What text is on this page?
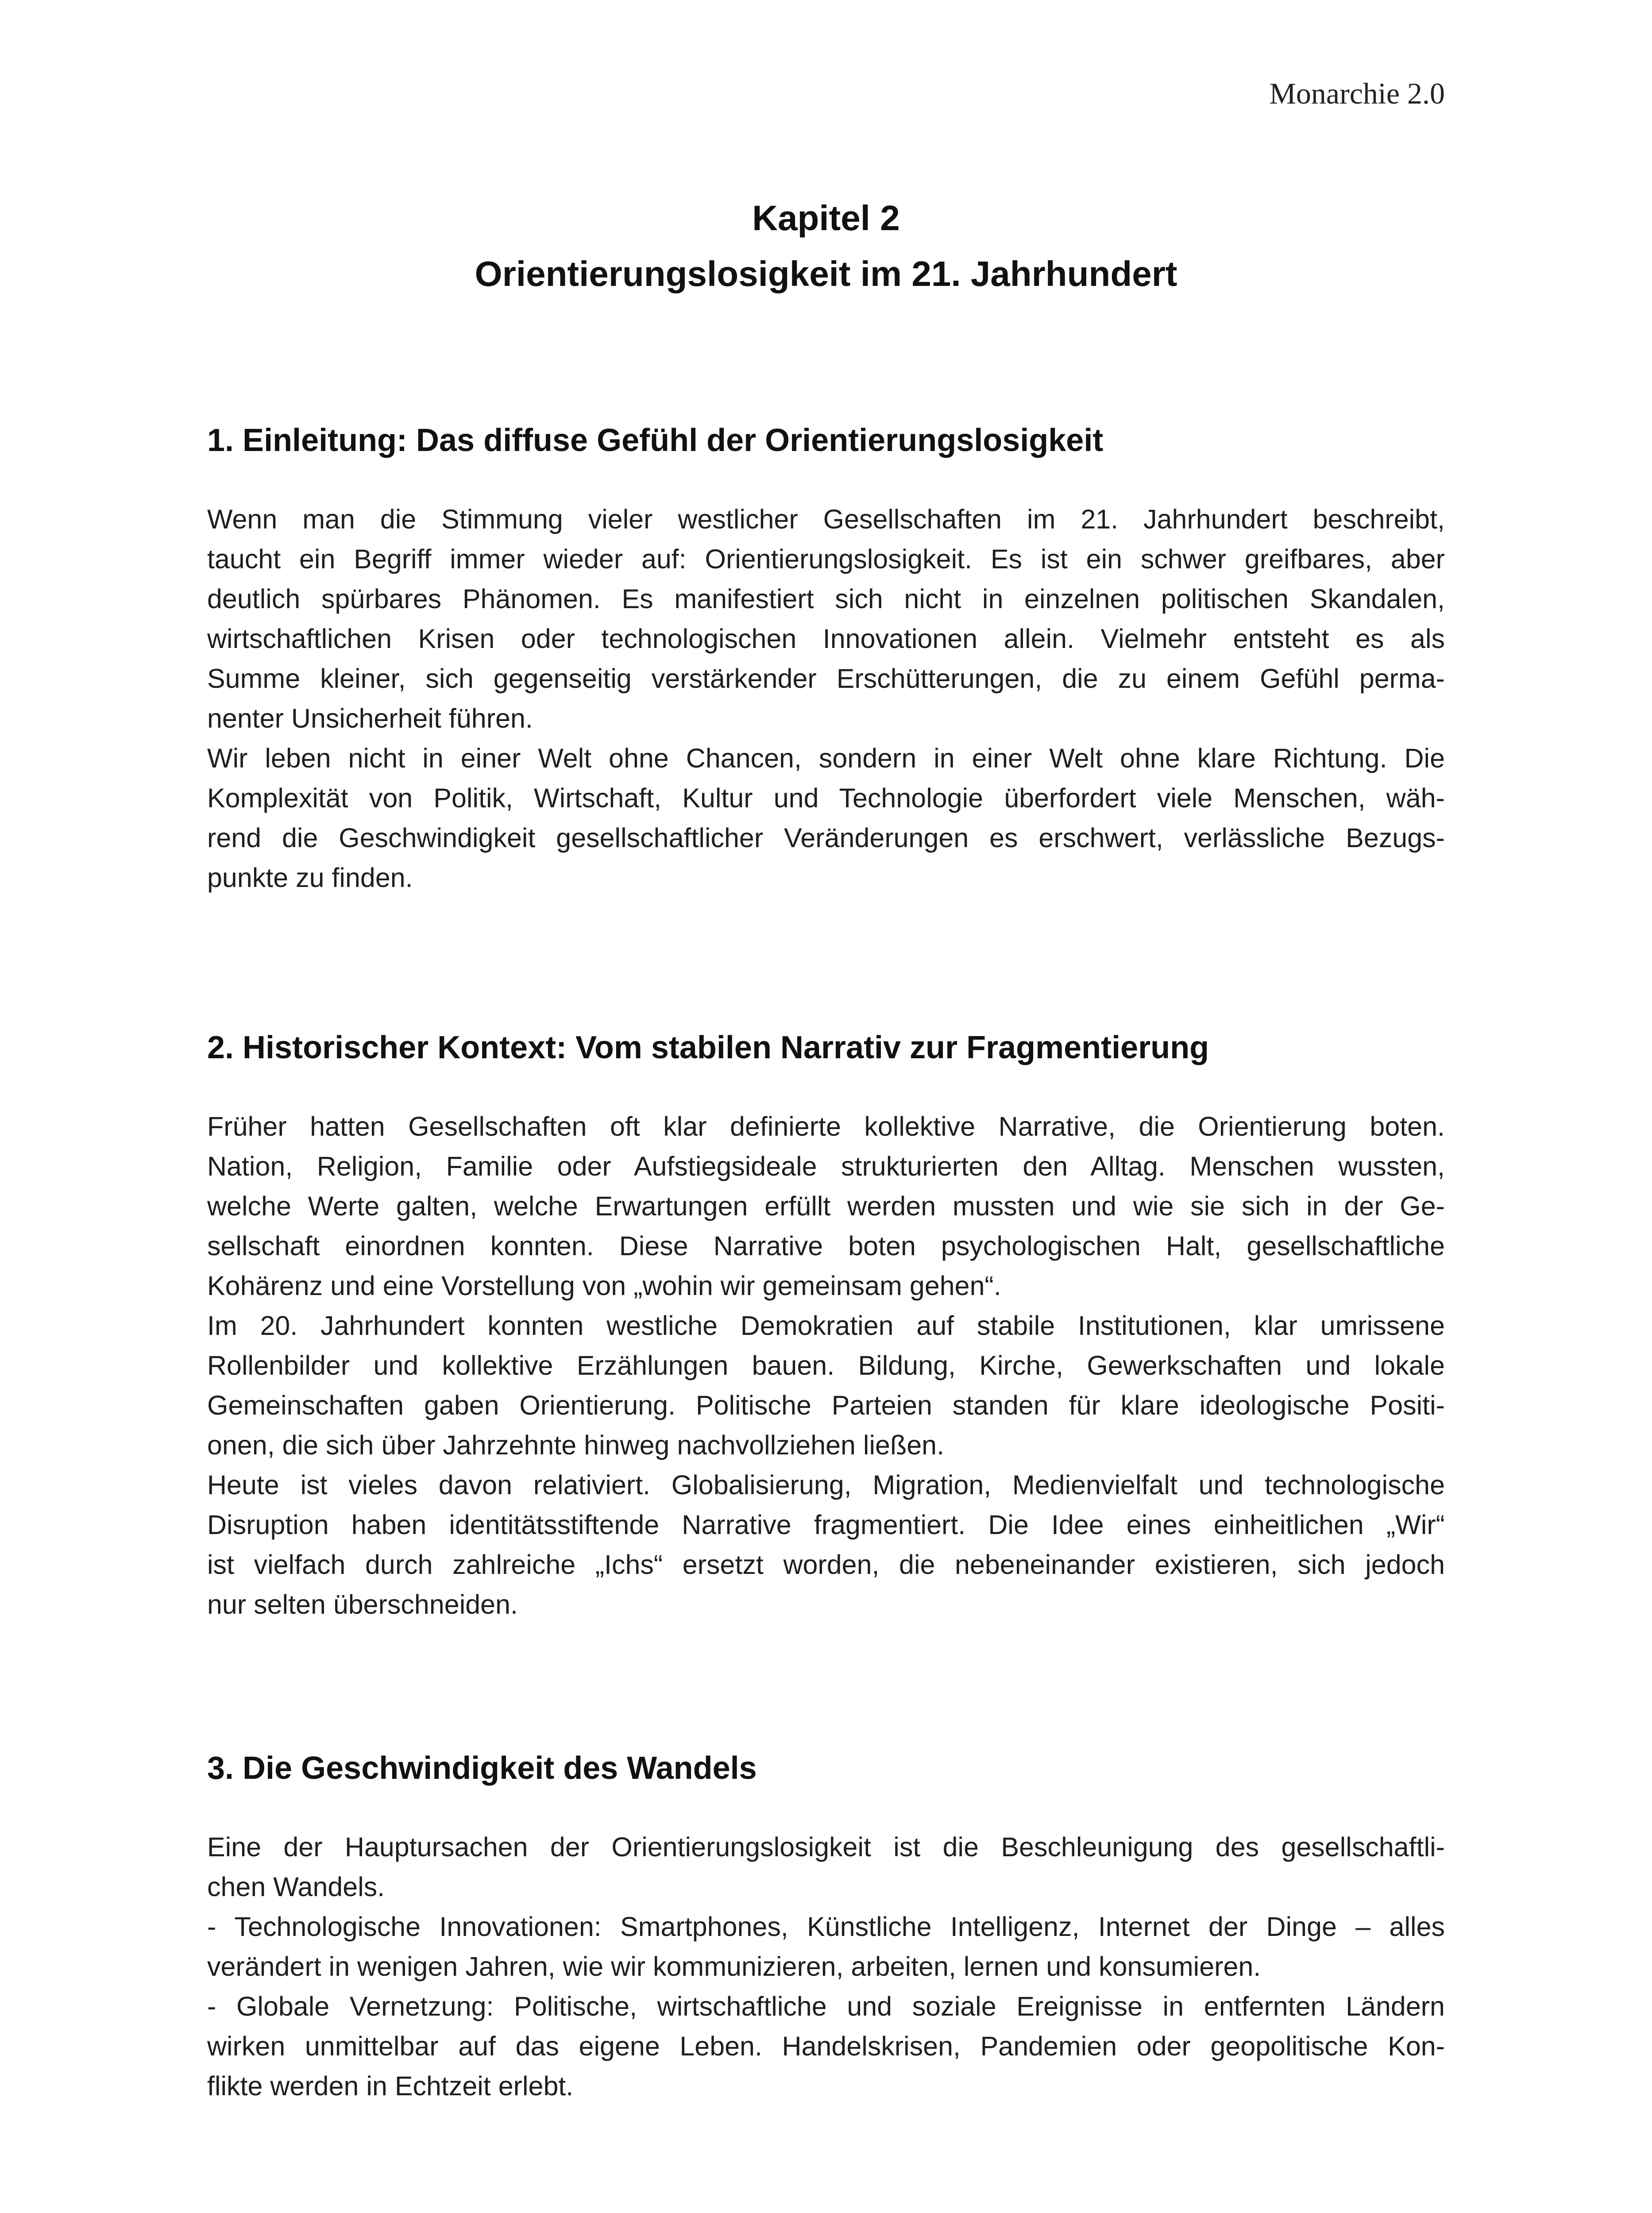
Monarchie 2.0
Kapitel 2
Orientierungslosigkeit im 21. Jahrhundert
1. Einleitung: Das diffuse Gefühl der Orientierungslosigkeit

Wenn man die Stimmung vieler westlicher Gesellschaften im 21. Jahrhundert beschreibt,
taucht ein Begriff immer wieder auf: Orientierungslosigkeit. Es ist ein schwer greifbares, aber
deutlich spürbares Phänomen. Es manifestiert sich nicht in einzelnen politischen Skandalen,
wirtschaftlichen Krisen oder technologischen Innovationen allein. Vielmehr entsteht es als
Summe kleiner, sich gegenseitig verstärkender Erschütterungen, die zu einem Gefühl perma-
nenter Unsicherheit führen.

Wir leben nicht in einer Welt ohne Chancen, sondern in einer Welt ohne klare Richtung. Die
Komplexität von Politik, Wirtschaft, Kultur und Technologie überfordert viele Menschen, wäh-
rend die Geschwindigkeit gesellschaftlicher Veränderungen es erschwert, verlässliche Bezugs-
punkte zu finden.

2. Historischer Kontext: Vom stabilen Narrativ zur Fragmentierung

Früher hatten Gesellschaften oft klar definierte kollektive Narrative, die Orientierung boten.
Nation, Religion, Familie oder Aufstiegsideale strukturierten den Alltag. Menschen wussten,
welche Werte galten, welche Erwartungen erfüllt werden mussten und wie sie sich in der Ge-
sellschaft einordnen konnten. Diese Narrative boten psychologischen Halt, gesellschaftliche
Kohärenz und eine Vorstellung von „wohin wir gemeinsam gehen“.

Im 20. Jahrhundert konnten westliche Demokratien auf stabile Institutionen, klar umrissene
Rollenbilder und kollektive Erzählungen bauen. Bildung, Kirche, Gewerkschaften und lokale
Gemeinschaften gaben Orientierung. Politische Parteien standen für klare ideologische Positi-
onen, die sich über Jahrzehnte hinweg nachvollziehen ließen.

Heute ist vieles davon relativiert. Globalisierung, Migration, Medienvielfalt und technologische
Disruption haben identitätsstiftende Narrative fragmentiert. Die Idee eines einheitlichen „Wir“
ist vielfach durch zahlreiche „Ichs“ ersetzt worden, die nebeneinander existieren, sich jedoch
nur selten überschneiden.

3. Die Geschwindigkeit des Wandels

Eine der Hauptursachen der Orientierungslosigkeit ist die Beschleunigung des gesellschaftli-
chen Wandels.

- Technologische Innovationen: Smartphones, Künstliche Intelligenz, Internet der Dinge – alles
verändert in wenigen Jahren, wie wir kommunizieren, arbeiten, lernen und konsumieren.

- Globale Vernetzung: Politische, wirtschaftliche und soziale Ereignisse in entfernten Ländern
wirken unmittelbar auf das eigene Leben. Handelskrisen, Pandemien oder geopolitische Kon-
flikte werden in Echtzeit erlebt.
